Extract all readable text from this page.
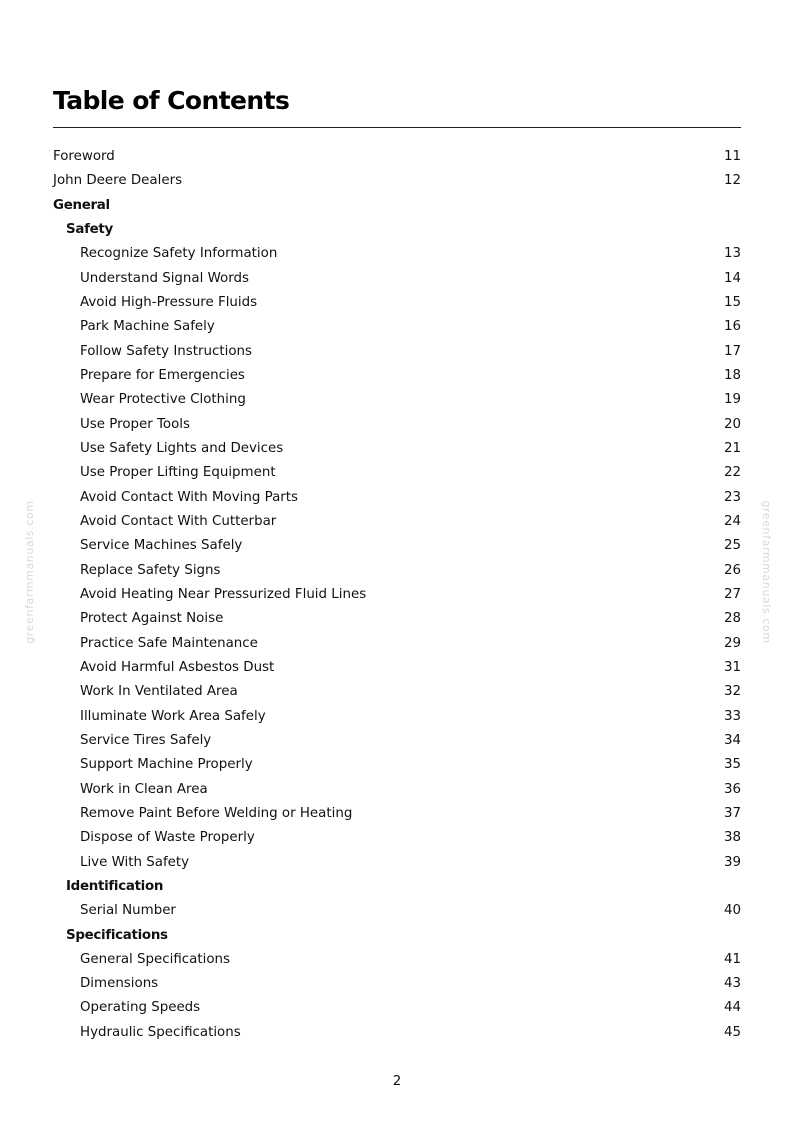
Table of Contents
Foreword	11
John Deere Dealers	12
General
Safety
Recognize Safety Information	13
Understand Signal Words	14
Avoid High-Pressure Fluids	15
Park Machine Safely	16
Follow Safety Instructions	17
Prepare for Emergencies	18
Wear Protective Clothing	19
Use Proper Tools	20
Use Safety Lights and Devices	21
Use Proper Lifting Equipment	22
Avoid Contact With Moving Parts	23
Avoid Contact With Cutterbar	24
Service Machines Safely	25
Replace Safety Signs	26
Avoid Heating Near Pressurized Fluid Lines	27
Protect Against Noise	28
Practice Safe Maintenance	29
Avoid Harmful Asbestos Dust	31
Work In Ventilated Area	32
Illuminate Work Area Safely	33
Service Tires Safely	34
Support Machine Properly	35
Work in Clean Area	36
Remove Paint Before Welding or Heating	37
Dispose of Waste Properly	38
Live With Safety	39
Identification
Serial Number	40
Specifications
General Specifications	41
Dimensions	43
Operating Speeds	44
Hydraulic Specifications	45
greenfarmmanuals.com	greenfarmmanuals.com
2
